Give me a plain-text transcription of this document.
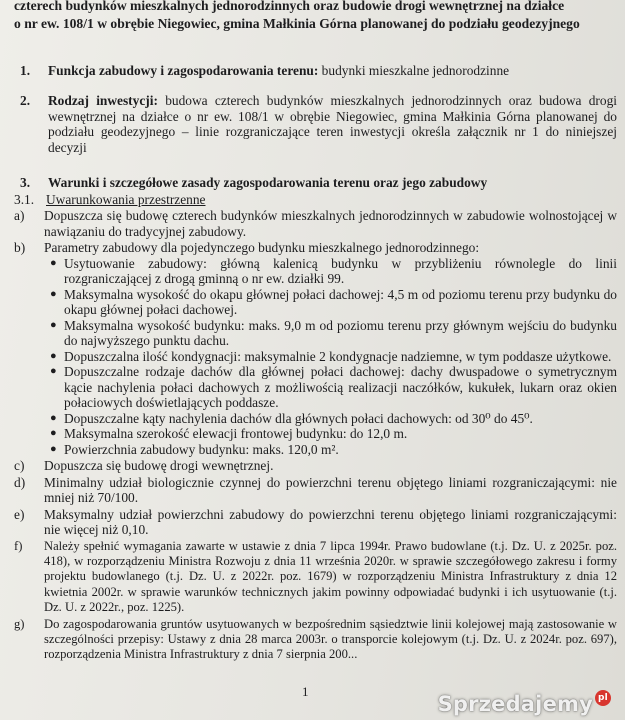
czterech budynków mieszkalnych jednorodzinnych oraz budowie drogi wewnętrznej na działce
o nr ew. 108/1 w obrębie Niegowiec, gmina Małkinia Górna planowanej do podziału geodezyjnego
1.	Funkcja zabudowy i zagospodarowania terenu: budynki mieszkalne jednorodzinne
2.	Rodzaj inwestycji: budowa czterech budynków mieszkalnych jednorodzinnych oraz budowa drogi wewnętrznej na działce o nr ew. 108/1 w obrębie Niegowiec, gmina Małkinia Górna planowanej do podziału geodezyjnego – linie rozgraniczające teren inwestycji określa załącznik nr 1 do niniejszej decyzji
3.	Warunki i szczegółowe zasady zagospodarowania terenu oraz jego zabudowy
3.1. Uwarunkowania przestrzenne
a)	Dopuszcza się budowę czterech budynków mieszkalnych jednorodzinnych w zabudowie wolnostojącej w nawiązaniu do tradycyjnej zabudowy.
b)	Parametry zabudowy dla pojedynczego budynku mieszkalnego jednorodzinnego:
● Usytuowanie zabudowy: główną kalenicą budynku w przybliżeniu równolegle do linii rozgraniczającej z drogą gminną o nr ew. działki 99.
● Maksymalna wysokość do okapu głównej połaci dachowej: 4,5 m od poziomu terenu przy budynku do okapu głównej połaci dachowej.
● Maksymalna wysokość budynku: maks. 9,0 m od poziomu terenu przy głównym wejściu do budynku do najwyższego punktu dachu.
● Dopuszczalna ilość kondygnacji: maksymalnie 2 kondygnacje nadziemne, w tym poddasze użytkowe.
● Dopuszczalne rodzaje dachów dla głównej połaci dachowej: dachy dwuspadowe o symetrycznym kącie nachylenia połaci dachowych z możliwością realizacji naczółków, kukułek, lukarn oraz okien połaciowych doświetlających poddasze.
● Dopuszczalne kąty nachylenia dachów dla głównych połaci dachowych: od 30⁰ do 45⁰.
● Maksymalna szerokość elewacji frontowej budynku: do 12,0 m.
● Powierzchnia zabudowy budynku: maks. 120,0 m².
c)	Dopuszcza się budowę drogi wewnętrznej.
d)	Minimalny udział biologicznie czynnej do powierzchni terenu objętego liniami rozgraniczającymi: nie mniej niż 70/100.
e)	Maksymalny udział powierzchni zabudowy do powierzchni terenu objętego liniami rozgraniczającymi: nie więcej niż 0,10.
f)	Należy spełnić wymagania zawarte w ustawie z dnia 7 lipca 1994r. Prawo budowlane (t.j. Dz. U. z 2025r. poz. 418), w rozporządzeniu Ministra Rozwoju z dnia 11 września 2020r. w sprawie szczegółowego zakresu i formy projektu budowlanego (t.j. Dz. U. z 2022r. poz. 1679) w rozporządzeniu Ministra Infrastruktury z dnia 12 kwietnia 2002r. w sprawie warunków technicznych jakim powinny odpowiadać budynki i ich usytuowanie (t.j. Dz. U. z 2022r., poz. 1225).
g)	Do zagospodarowania gruntów usytuowanych w bezpośrednim sąsiedztwie linii kolejowej mają zastosowanie w szczególności przepisy: Ustawy z dnia 28 marca 2003r. o transporcie kolejowym (t.j. Dz. U. z 2024r. poz. 697), rozporządzenia Ministra Infrastruktury z dnia 7 sierpnia 200...
1
Sprzedajemy pl
